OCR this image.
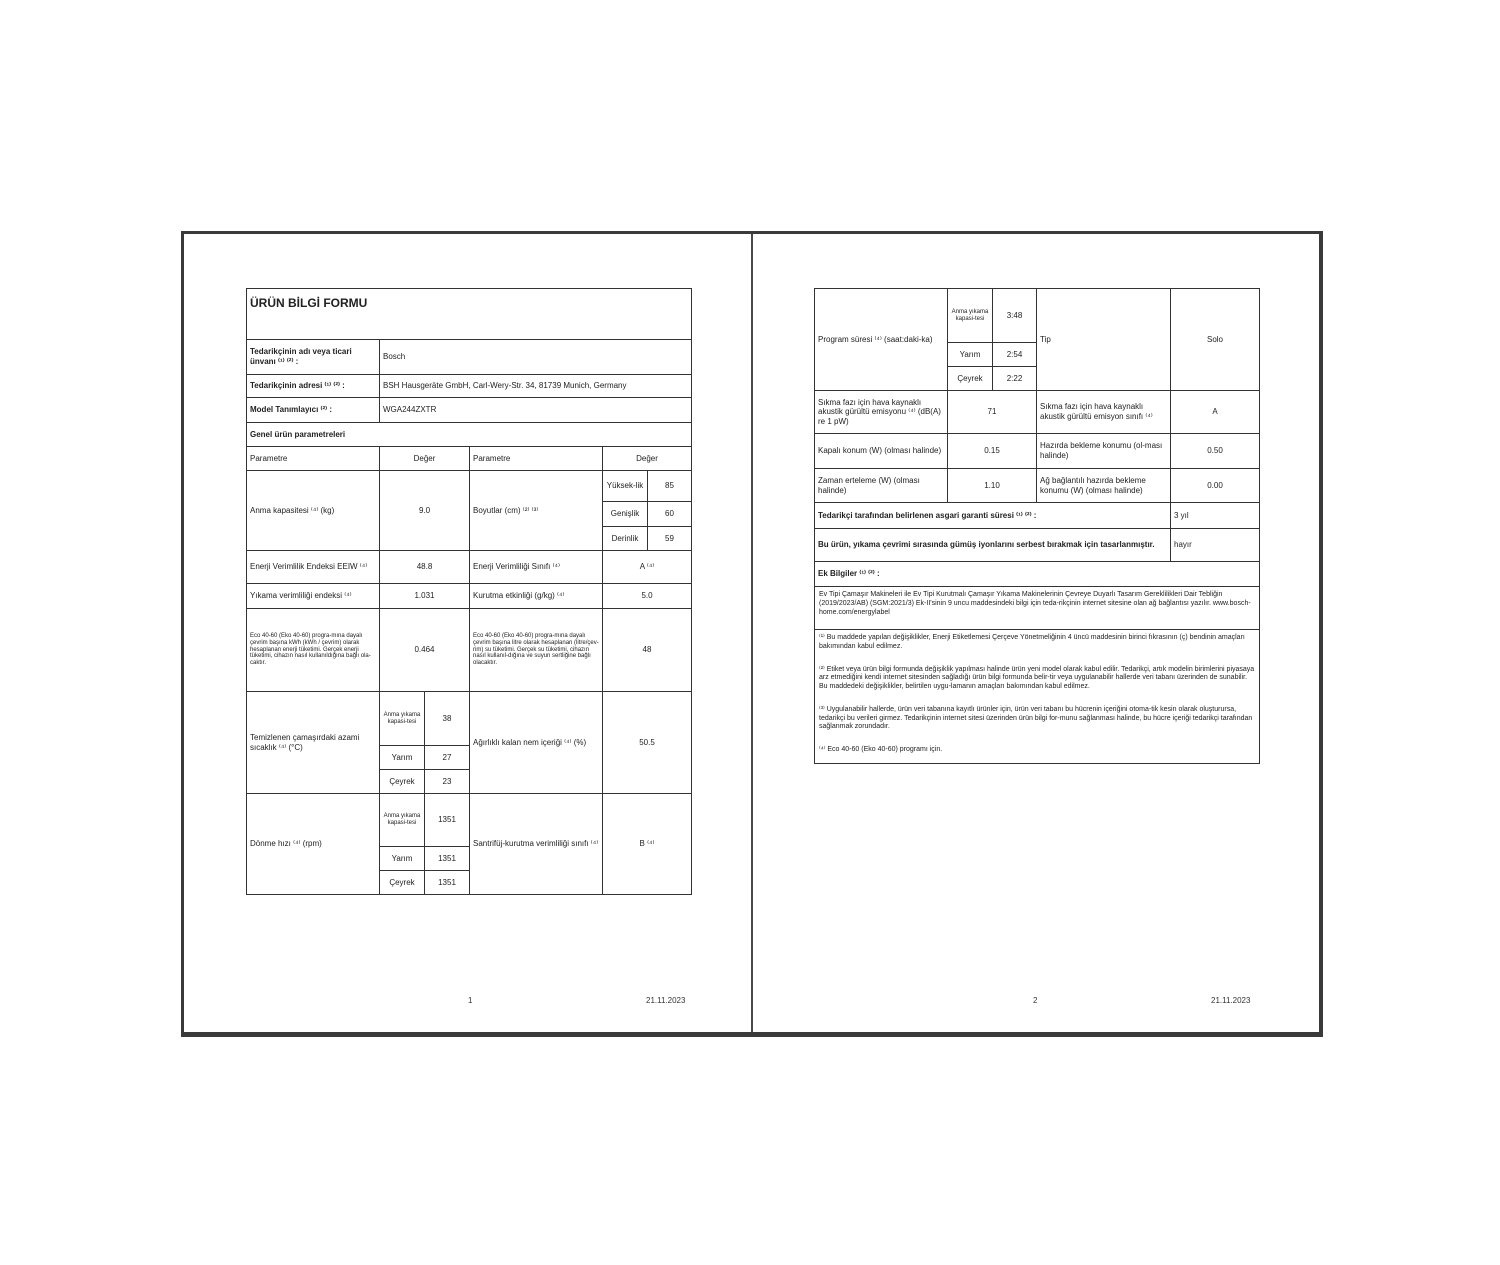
ÜRÜN BİLGİ FORMU					
Tedarikçinin adı veya ticari ünvanı ⁽¹⁾ ⁽²⁾ :	Bosch				
Tedarikçinin adresi ⁽¹⁾ ⁽²⁾ :	BSH Hausgeräte GmbH, Carl-Wery-Str. 34, 81739 Munich, Germany				
Model Tanımlayıcı ⁽²⁾ :	WGA244ZXTR				
Genel ürün parametreleri					
Parametre	Değer		Parametre	Değer	
Anma kapasitesi ⁽⁴⁾ (kg)	9.0		Boyutlar (cm) ⁽²⁾ ⁽³⁾	Yüksek-lik	85
				Genişlik	60
				Derinlik	59
Enerji Verimlilik Endeksi EEIW ⁽⁴⁾	48.8		Enerji Verimliliği Sınıfı ⁽⁴⁾	A ⁽⁴⁾	
Yıkama verimliliği endeksi ⁽⁴⁾	1.031		Kurutma etkinliği (g/kg) ⁽⁴⁾	5.0	
Eco 40-60 (Eko 40-60) progra-mına dayalı çevrim başına kWh (kWh / çevrim) olarak hesaplanan enerji tüketimi. Gerçek enerji tüketimi, cihazın nasıl kullanıldığına bağlı ola-caktır.	0.464		Eco 40-60 (Eko 40-60) progra-mına dayalı çevrim başına litre olarak hesaplanan (litre/çev-rim) su tüketimi. Gerçek su tüketimi, cihazın nasıl kullanıl-dığına ve suyun sertliğine bağlı olacaktır.	48	
Temizlenen çamaşırdaki azami sıcaklık ⁽⁴⁾ (°C)	Anma yıkama kapasi-tesi	38	Ağırlıklı kalan nem içeriği ⁽⁴⁾ (%)	50.5	
	Yarım	27			
	Çeyrek	23			
Dönme hızı ⁽⁴⁾ (rpm)	Anma yıkama kapasi-tesi	1351	Santrifüj-kurutma verimliliği sınıfı ⁽⁴⁾	B ⁽⁴⁾	
	Yarım	1351			
	Çeyrek	1351			
1	21.11.2023
Program süresi ⁽⁴⁾ (saat:daki-ka)	Anma yıkama kapasi-tesi	3:48	Tip	Solo
	Yarım	2:54		
	Çeyrek	2:22		
Sıkma fazı için hava kaynaklı akustik gürültü emisyonu ⁽⁴⁾ (dB(A) re 1 pW)	71		Sıkma fazı için hava kaynaklı akustik gürültü emisyon sınıfı ⁽⁴⁾	A
Kapalı konum (W) (olması halinde)	0.15		Hazırda bekleme konumu (ol-ması halinde)	0.50
Zaman erteleme (W) (olması halinde)	1.10		Ağ bağlantılı hazırda bekleme konumu (W) (olması halinde)	0.00
Tedarikçi tarafından belirlenen asgari garanti süresi ⁽¹⁾ ⁽²⁾ :				3 yıl
Bu ürün, yıkama çevrimi sırasında gümüş iyonlarını serbest bırakmak için tasarlanmıştır.				hayır
Ek Bilgiler ⁽¹⁾ ⁽²⁾ :				
Ev Tipi Çamaşır Makineleri ile Ev Tipi Kurutmalı Çamaşır Yıkama Makinelerinin Çevreye Duyarlı Tasarım Gereklilikleri Dair Tebliğin (2019/2023/AB) (SGM:2021/3) Ek-II'sinin 9 uncu maddesindeki bilgi için teda-rikçinin internet sitesine olan ağ bağlantısı yazılır. www.bosch-home.com/energylabel				

⁽¹⁾ Bu maddede yapılan değişiklikler, Enerji Etiketlemesi Çerçeve Yönetmeliğinin 4 üncü maddesinin birinci fıkrasının (ç) bendinin amaçları bakımından kabul edilmez.
⁽²⁾ Etiket veya ürün bilgi formunda değişiklik yapılması halinde ürün yeni model olarak kabul edilir. Tedarikçi, artık modelin birimlerini piyasaya arz etmediğini kendi internet sitesinden sağladığı ürün bilgi formunda belir-tir veya uygulanabilir hallerde veri tabanı üzerinden de sunabilir. Bu maddedeki değişiklikler, belirtilen uygu-lamanın amaçları bakımından kabul edilmez.
⁽³⁾ Uygulanabilir hallerde, ürün veri tabanına kayıtlı ürünler için, ürün veri tabanı bu hücrenin içeriğini otoma-tik kesin olarak oluşturursa, tedarikçi bu verileri girmez. Tedarikçinin internet sitesi üzerinden ürün bilgi for-munu sağlanması halinde, bu hücre içeriği tedarikçi tarafından sağlanmak zorundadır.
⁽⁴⁾ Eco 40-60 (Eko 40-60) programı için.				
2	21.11.2023
